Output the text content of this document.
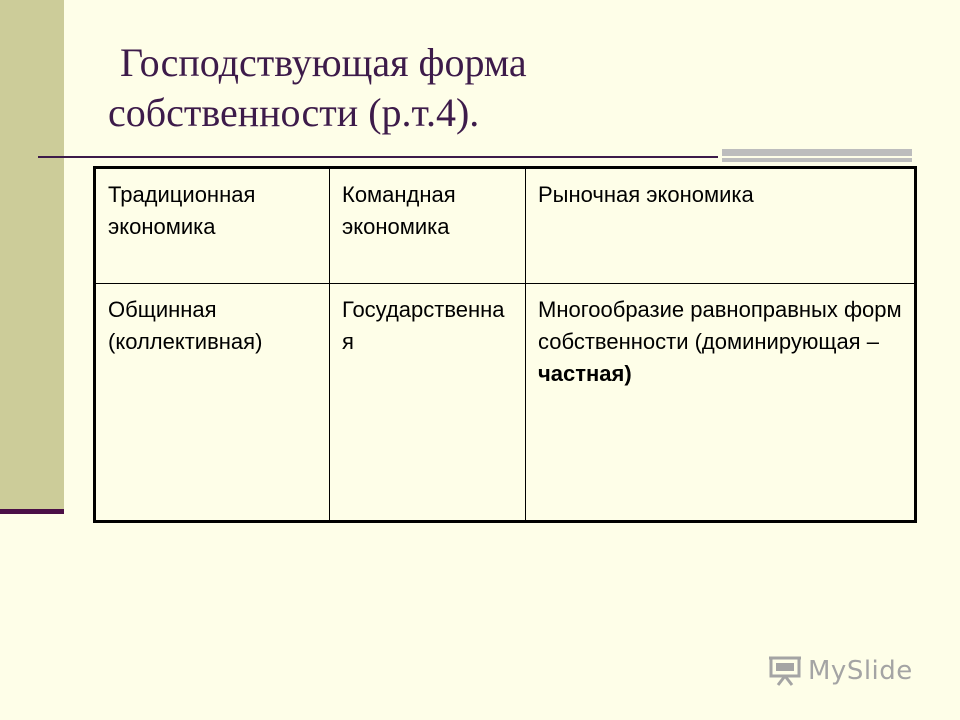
Господствующая форма
собственности (р.т.4).
Традиционная экономика	Командная экономика	Рыночная экономика
Общинная (коллективная)	Государственная	Многообразие равноправных форм собственности (доминирующая – частная)
MySlide
